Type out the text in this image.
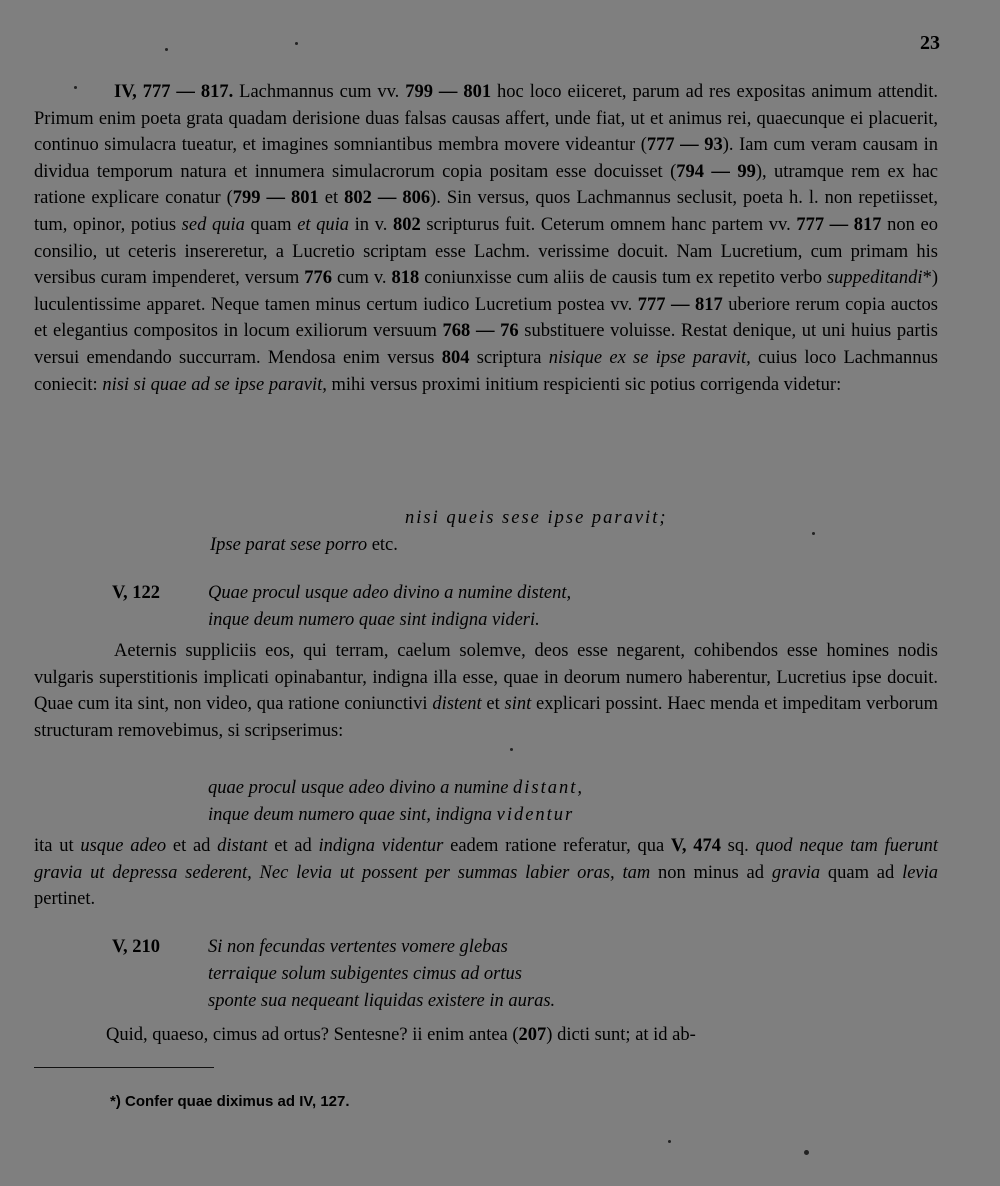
23

IV, 777 — 817. Lachmannus cum vv. 799 — 801 hoc loco eiiceret, parum ad res expositas animum attendit. Primum enim poeta grata quadam derisione duas falsas causas affert, unde fiat, ut et animus rei, quaecunque ei placuerit, continuo simulacra tueatur, et imagines somniantibus membra movere videantur (777 — 93). Iam cum veram causam in dividua temporum natura et innumera simulacrorum copia positam esse docuisset (794 — 99), utramque rem ex hac ratione explicare conatur (799 — 801 et 802 — 806). Sin versus, quos Lachmannus seclusit, poeta h. l. non repetiisset, tum, opinor, potius sed quia quam et quia in v. 802 scripturus fuit. Ceterum omnem hanc partem vv. 777 — 817 non eo consilio, ut ceteris insereretur, a Lucretio scriptam esse Lachm. verissime docuit. Nam Lucretium, cum primam his versibus curam impenderet, versum 776 cum v. 818 coniunxisse cum aliis de causis tum ex repetito verbo suppeditandi*) luculentissime apparet. Neque tamen minus certum iudico Lucretium postea vv. 777 — 817 uberiore rerum copia auctos et elegantius compositos in locum exiliorum versuum 768 — 76 substituere voluisse. Restat denique, ut uni huius partis versui emendando succurram. Mendosa enim versus 804 scriptura nisique ex se ipse paravit, cuius loco Lachmannus coniecit: nisi si quae ad se ipse paravit, mihi versus proximi initium respicienti sic potius corrigenda videtur:

nisi queis sese ipse paravit;
Ipse parat sese porro etc.
V, 122	Quae procul usque adeo divino a numine distent,
inque deum numero quae sint indigna videri.

Aeternis suppliciis eos, qui terram, caelum solemve, deos esse negarent, cohibendos esse homines nodis vulgaris superstitionis implicati opinabantur, indigna illa esse, quae in deorum numero haberentur, Lucretius ipse docuit. Quae cum ita sint, non video, qua ratione coniunctivi distent et sint explicari possint. Haec menda et impeditam verborum structuram removebimus, si scripserimus:

quae procul usque adeo divino a numine distant,
inque deum numero quae sint, indigna videntur

ita ut usque adeo et ad distant et ad indigna videntur eadem ratione referatur, qua V, 474 sq. quod neque tam fuerunt gravia ut depressa sederent, Nec levia ut possent per summas labier oras, tam non minus ad gravia quam ad levia pertinet.

V, 210	Si non fecundas vertentes vomere glebas
terraique solum subigentes cimus ad ortus
sponte sua nequeant liquidas existere in auras.

Quid, quaeso, cimus ad ortus? Sentesne? ii enim antea (207) dicti sunt; at id ab-

*) Confer quae diximus ad IV, 127.
